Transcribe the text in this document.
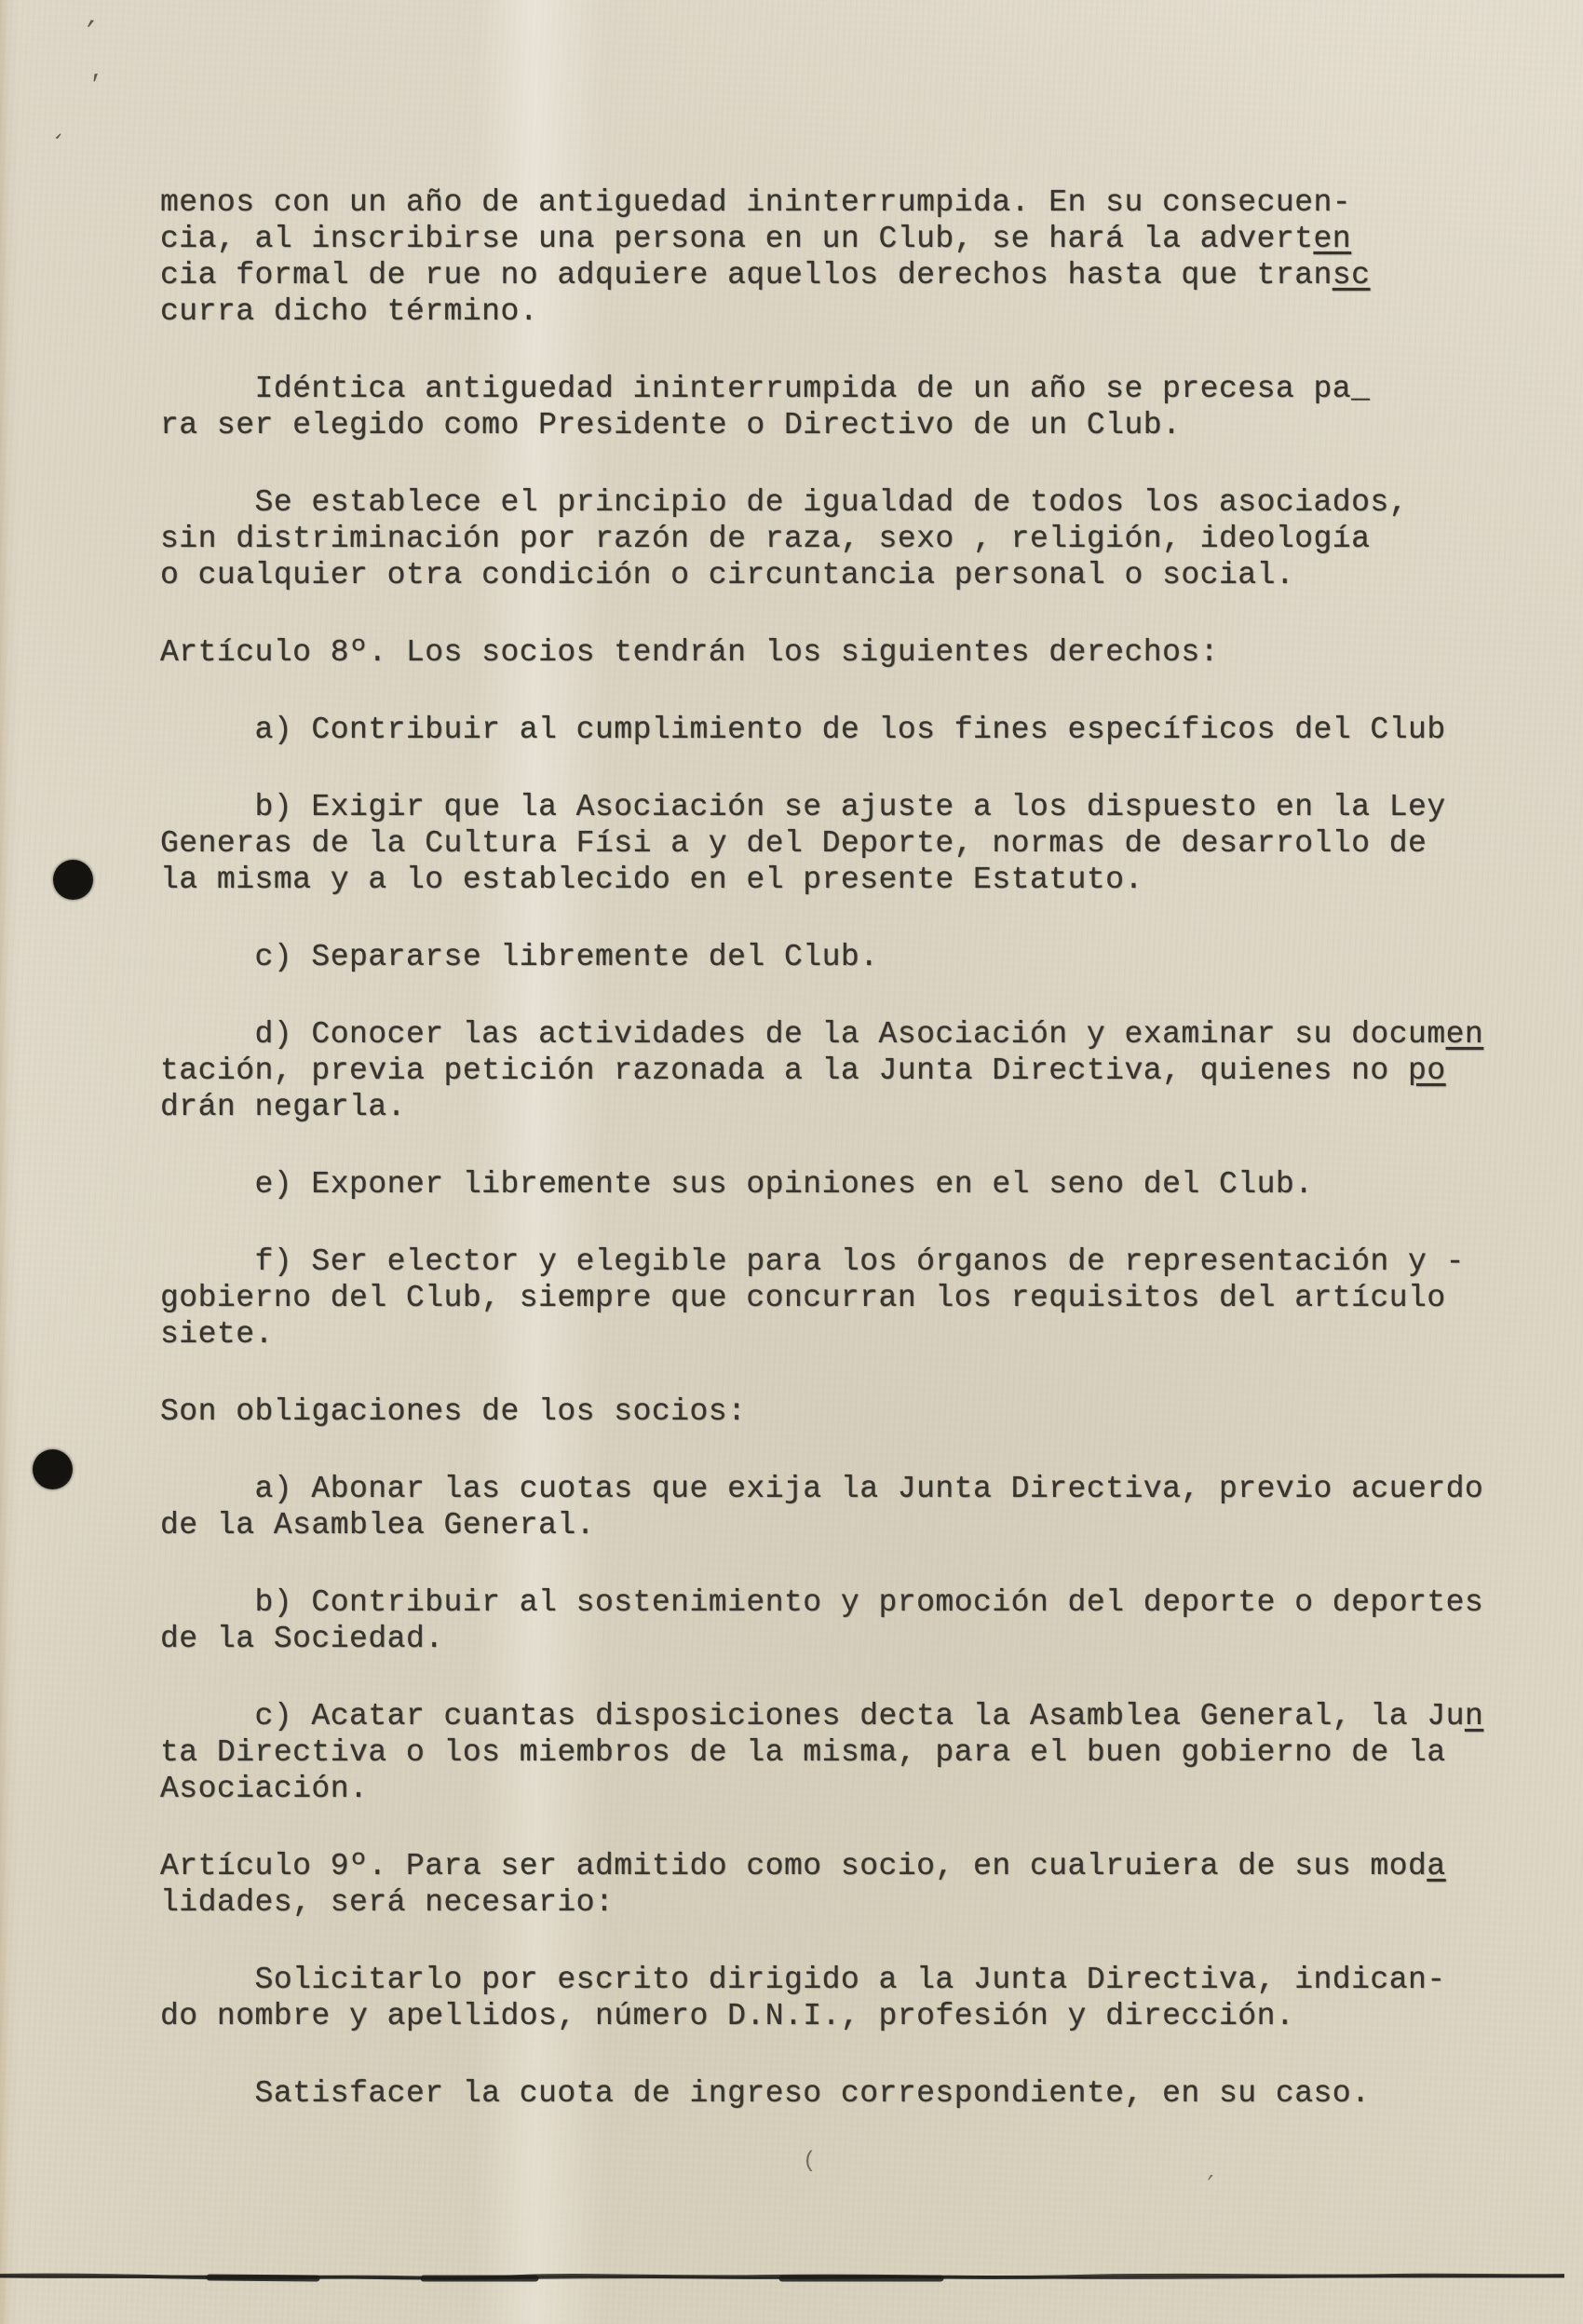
’
’
‘
(
’
menos con un año de antiguedad ininterrumpida. En su consecuen-
cia, al inscribirse una persona en un Club, se hará la adverten
cia formal de rue no adquiere aquellos derechos hasta que transc
curra dicho término.
Idéntica antiguedad ininterrumpida de un año se precesa pa_
ra ser elegido como Presidente o Directivo de un Club.
Se establece el principio de igualdad de todos los asociados,
sin distriminación por razón de raza, sexo , religión, ideología
o cualquier otra condición o circuntancia personal o social.
Artículo 8º. Los socios tendrán los siguientes derechos:
a) Contribuir al cumplimiento de los fines específicos del Club
b) Exigir que la Asociación se ajuste a los dispuesto en la Ley
Generas de la Cultura Físi a y del Deporte, normas de desarrollo de
la misma y a lo establecido en el presente Estatuto.
c) Separarse libremente del Club.
d) Conocer las actividades de la Asociación y examinar su documen
tación, previa petición razonada a la Junta Directiva, quienes no po
drán negarla.
e) Exponer libremente sus opiniones en el seno del Club.
f) Ser elector y elegible para los órganos de representación y -
gobierno del Club, siempre que concurran los requisitos del artículo
siete.
Son obligaciones de los socios:
a) Abonar las cuotas que exija la Junta Directiva, previo acuerdo
de la Asamblea General.
b) Contribuir al sostenimiento y promoción del deporte o deportes
de la Sociedad.
c) Acatar cuantas disposiciones decta la Asamblea General, la Jun
ta Directiva o los miembros de la misma, para el buen gobierno de la
Asociación.
Artículo 9º. Para ser admitido como socio, en cualruiera de sus moda
lidades, será necesario:
Solicitarlo por escrito dirigido a la Junta Directiva, indican-
do nombre y apellidos, número D.N.I., profesión y dirección.
Satisfacer la cuota de ingreso correspondiente, en su caso.
